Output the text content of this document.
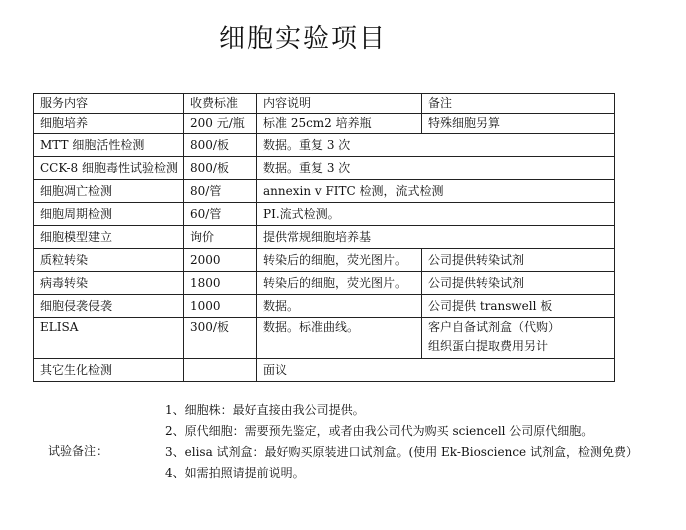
细胞实验项目
服务内容	收费标准	内容说明	备注
细胞培养	200 元/瓶	标准 25cm2 培养瓶	特殊细胞另算
MTT 细胞活性检测	800/板	数据。重复 3 次	
CCK-8 细胞毒性试验检测	800/板	数据。重复 3 次	
细胞凋亡检测	80/管	annexin v FITC 检测，流式检测	
细胞周期检测	60/管	PI.流式检测。	
细胞模型建立	询价	提供常规细胞培养基	
质粒转染	2000	转染后的细胞，荧光图片。	公司提供转染试剂
病毒转染	1800	转染后的细胞，荧光图片。	公司提供转染试剂
细胞侵袭侵袭	1000	数据。	公司提供 transwell 板
ELISA	300/板	数据。标准曲线。	客户自备试剂盒（代购）
组织蛋白提取费用另计

其它生化检测		面议	
试验备注：
1、细胞株：最好直接由我公司提供。
2、原代细胞：需要预先鉴定，或者由我公司代为购买 sciencell 公司原代细胞。
3、elisa 试剂盒：最好购买原装进口试剂盒。(使用 Ek-Bioscience 试剂盒，检测免费）
4、如需拍照请提前说明。
